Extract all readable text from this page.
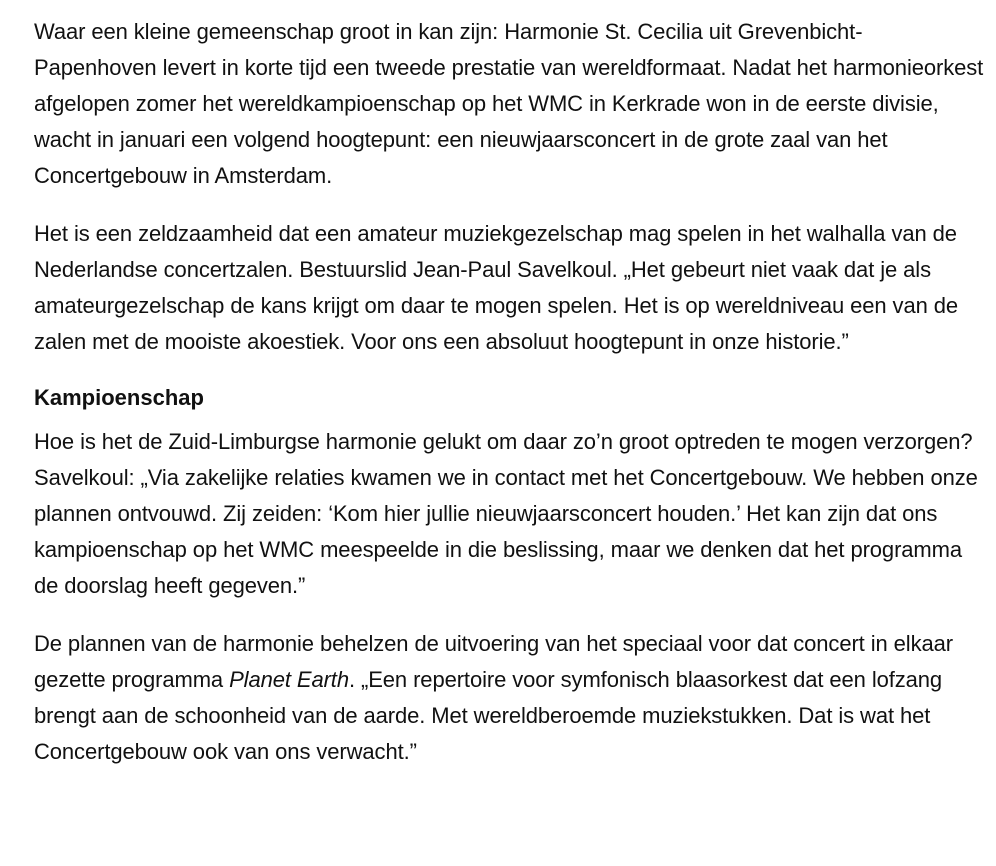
Waar een kleine gemeenschap groot in kan zijn: Harmonie St. Cecilia uit Grevenbicht-Papenhoven levert in korte tijd een tweede prestatie van wereldformaat. Nadat het harmonieorkest afgelopen zomer het wereldkampioenschap op het WMC in Kerkrade won in de eerste divisie, wacht in januari een volgend hoogtepunt: een nieuwjaarsconcert in de grote zaal van het Concertgebouw in Amsterdam.

Het is een zeldzaamheid dat een amateur muziekgezelschap mag spelen in het walhalla van de Nederlandse concertzalen. Bestuurslid Jean-Paul Savelkoul. „Het gebeurt niet vaak dat je als amateurgezelschap de kans krijgt om daar te mogen spelen. Het is op wereldniveau een van de zalen met de mooiste akoestiek. Voor ons een absoluut hoogtepunt in onze historie.”

Kampioenschap

Hoe is het de Zuid-Limburgse harmonie gelukt om daar zo’n groot optreden te mogen verzorgen? Savelkoul: „Via zakelijke relaties kwamen we in contact met het Concertgebouw. We hebben onze plannen ontvouwd. Zij zeiden: ‘Kom hier jullie nieuwjaarsconcert houden.’ Het kan zijn dat ons kampioenschap op het WMC meespeelde in die beslissing, maar we denken dat het programma de doorslag heeft gegeven.”

De plannen van de harmonie behelzen de uitvoering van het speciaal voor dat concert in elkaar gezette programma Planet Earth. „Een repertoire voor symfonisch blaasorkest dat een lofzang brengt aan de schoonheid van de aarde. Met wereldberoemde muziekstukken. Dat is wat het Concertgebouw ook van ons verwacht.”
